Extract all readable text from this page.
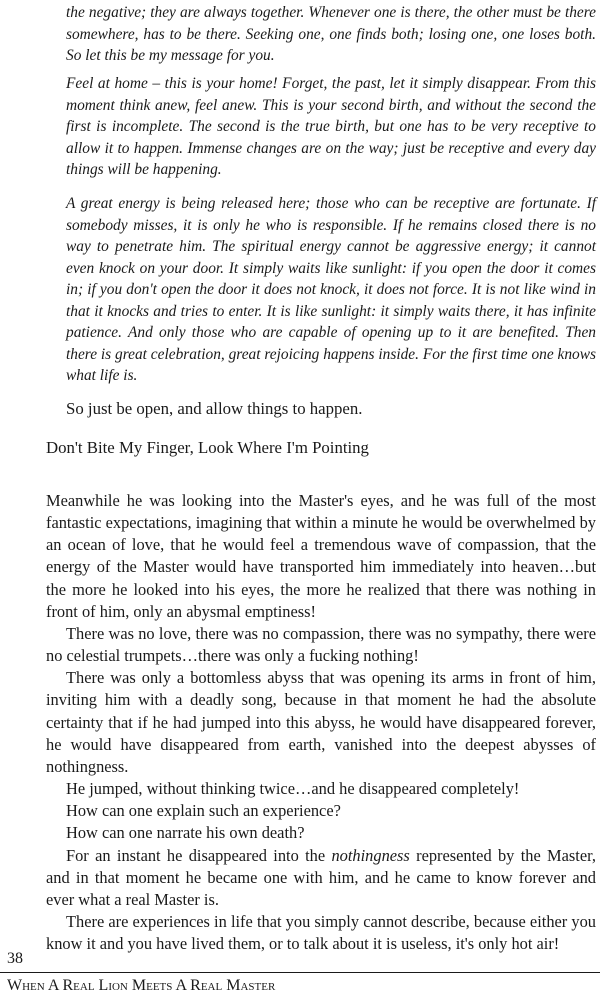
the negative; they are always together. Whenever one is there, the other must be there somewhere, has to be there. Seeking one, one finds both; losing one, one loses both. So let this be my message for you.

Feel at home – this is your home! Forget, the past, let it simply disappear. From this moment think anew, feel anew. This is your second birth, and without the second the first is incomplete. The second is the true birth, but one has to be very receptive to allow it to happen. Immense changes are on the way; just be receptive and every day things will be happening.

A great energy is being released here; those who can be receptive are fortunate. If somebody misses, it is only he who is responsible. If he remains closed there is no way to penetrate him. The spiritual energy cannot be aggressive energy; it cannot even knock on your door. It simply waits like sunlight: if you open the door it comes in; if you don't open the door it does not knock, it does not force. It is not like wind in that it knocks and tries to enter. It is like sunlight: it simply waits there, it has infinite patience. And only those who are capable of opening up to it are benefited. Then there is great celebration, great rejoicing happens inside. For the first time one knows what life is.

So just be open, and allow things to happen.

Don't Bite My Finger, Look Where I'm Pointing

Meanwhile he was looking into the Master's eyes, and he was full of the most fantastic expectations, imagining that within a minute he would be overwhelmed by an ocean of love, that he would feel a tremendous wave of compassion, that the energy of the Master would have transported him immediately into heaven…but the more he looked into his eyes, the more he realized that there was nothing in front of him, only an abysmal emptiness!

There was no love, there was no compassion, there was no sympathy, there were no celestial trumpets…there was only a fucking nothing!

There was only a bottomless abyss that was opening its arms in front of him, inviting him with a deadly song, because in that moment he had the absolute certainty that if he had jumped into this abyss, he would have disappeared forever, he would have disappeared from earth, vanished into the deepest abysses of nothingness.

He jumped, without thinking twice…and he disappeared completely!

How can one explain such an experience?

How can one narrate his own death?

For an instant he disappeared into the nothingness represented by the Master, and in that moment he became one with him, and he came to know forever and ever what a real Master is.

There are experiences in life that you simply cannot describe, because either you know it and you have lived them, or to talk about it is useless, it's only hot air!

38

When A Real Lion Meets A Real Master
